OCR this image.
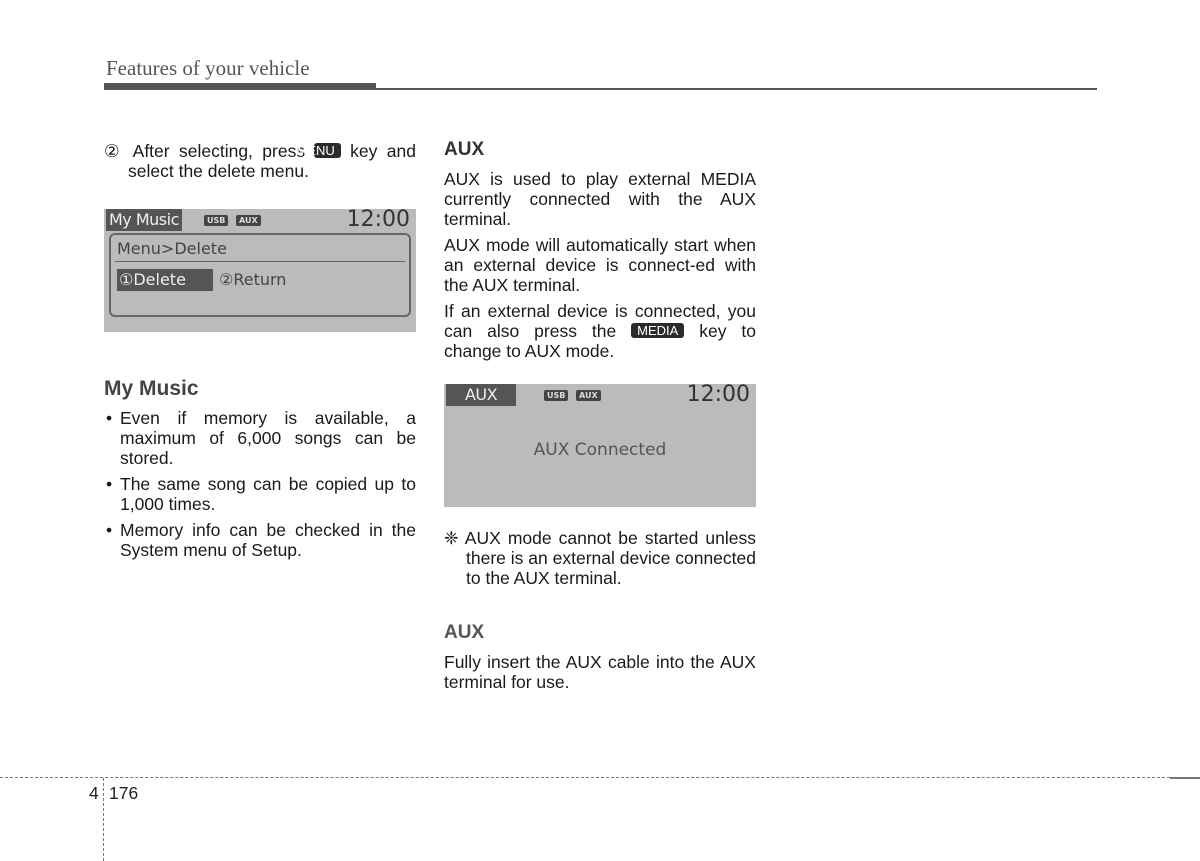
Features of your vehicle

② After selecting, press MENU key and select the delete menu.

My Music	USB	AUX	12:00
Menu>Delete
①Delete	②Return
My Music
• Even if memory is available, a maximum of 6,000 songs can be stored.
• The same song can be copied up to 1,000 times.
• Memory info can be checked in the System menu of Setup.
AUX

AUX is used to play external MEDIA currently connected with the AUX terminal.

AUX mode will automatically start when an external device is connect-ed with the AUX terminal.

If an external device is connected, you can also press the MEDIA key to change to AUX mode.

AUX	USB	AUX	12:00
AUX Connected

❈ AUX mode cannot be started unless there is an external device connected to the AUX terminal.

AUX

Fully insert the AUX cable into the AUX terminal for use.

4 176
